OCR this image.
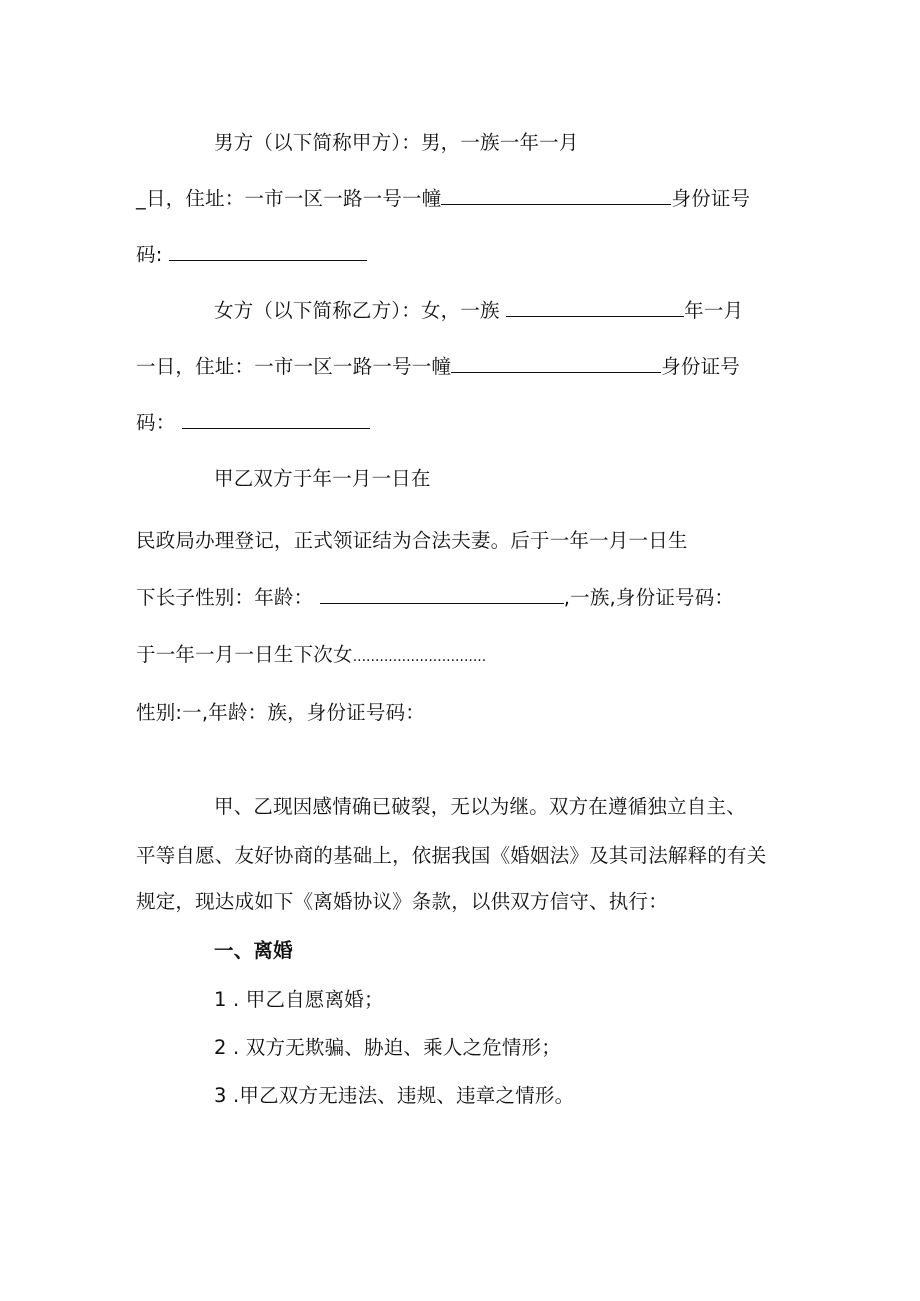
男方（以下简称甲方）：男，一族一年一月
_日，住址：一市一区一路一号一幢	身份证号
码:
女方（以下简称乙方）：女，一族	年一月
一日，住址：一市一区一路一号一幢	身份证号
码：
甲乙双方于年一月一日在
民政局办理登记，正式领证结为合法夫妻。后于一年一月一日生
下长子性别：年龄：	,一族,身份证号码：
于一年一月一日生下次女..............................
性别:一,年龄：族，身份证号码：
甲、乙现因感情确已破裂，无以为继。双方在遵循独立自主、
平等自愿、友好协商的基础上，依据我国《婚姻法》及其司法解释的有关
规定，现达成如下《离婚协议》条款，以供双方信守、执行：
一、离婚
1 . 甲乙自愿离婚；
2 . 双方无欺骗、胁迫、乘人之危情形；
3 .甲乙双方无违法、违规、违章之情形。
